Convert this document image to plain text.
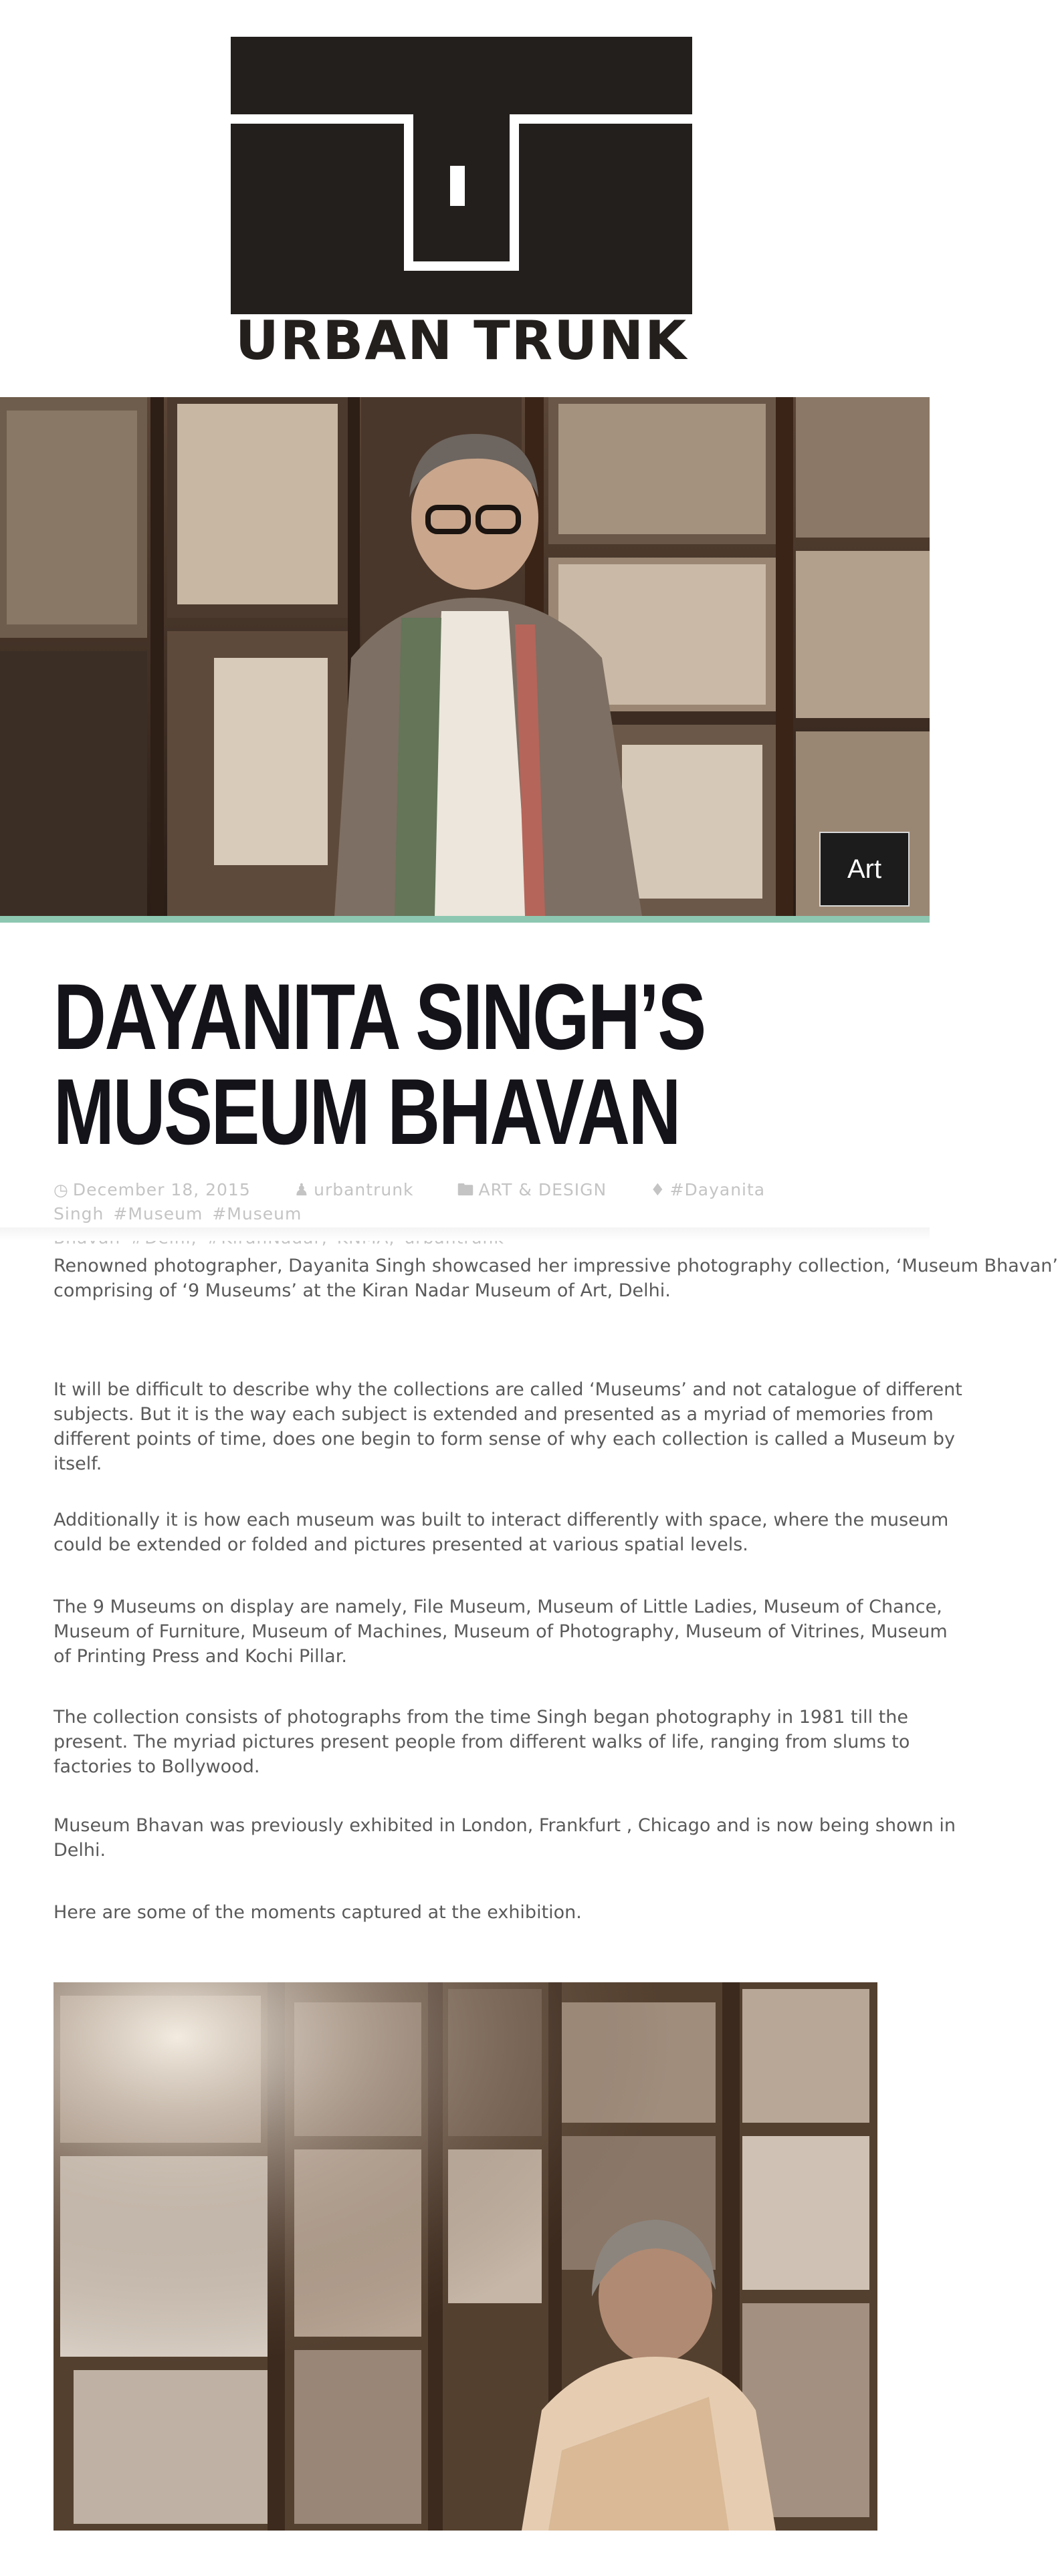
URBAN TRUNK
Art
DAYANITA SINGH’S
MUSEUM BHAVAN
◷ December 18, 2015	♟ urbantrunk	🖿 ART & DESIGN	♦ #Dayanita Singh #Museum #Museum

Renowned photographer, Dayanita Singh showcased her impressive photography collection, ‘Museum Bhavan’
comprising of ‘9 Museums’ at the Kiran Nadar Museum of Art, Delhi.

It will be difficult to describe why the collections are called ‘Museums’ and not catalogue of different
subjects. But it is the way each subject is extended and presented as a myriad of memories from
different points of time, does one begin to form sense of why each collection is called a Museum by
itself.

Additionally it is how each museum was built to interact differently with space, where the museum
could be extended or folded and pictures presented at various spatial levels.

The 9 Museums on display are namely, File Museum, Museum of Little Ladies, Museum of Chance,
Museum of Furniture, Museum of Machines, Museum of Photography, Museum of Vitrines, Museum
of Printing Press and Kochi Pillar.

The collection consists of photographs from the time Singh began photography in 1981 till the
present. The myriad pictures present people from different walks of life, ranging from slums to
factories to Bollywood.

Museum Bhavan was previously exhibited in London, Frankfurt , Chicago and is now being shown in
Delhi.

Here are some of the moments captured at the exhibition.
